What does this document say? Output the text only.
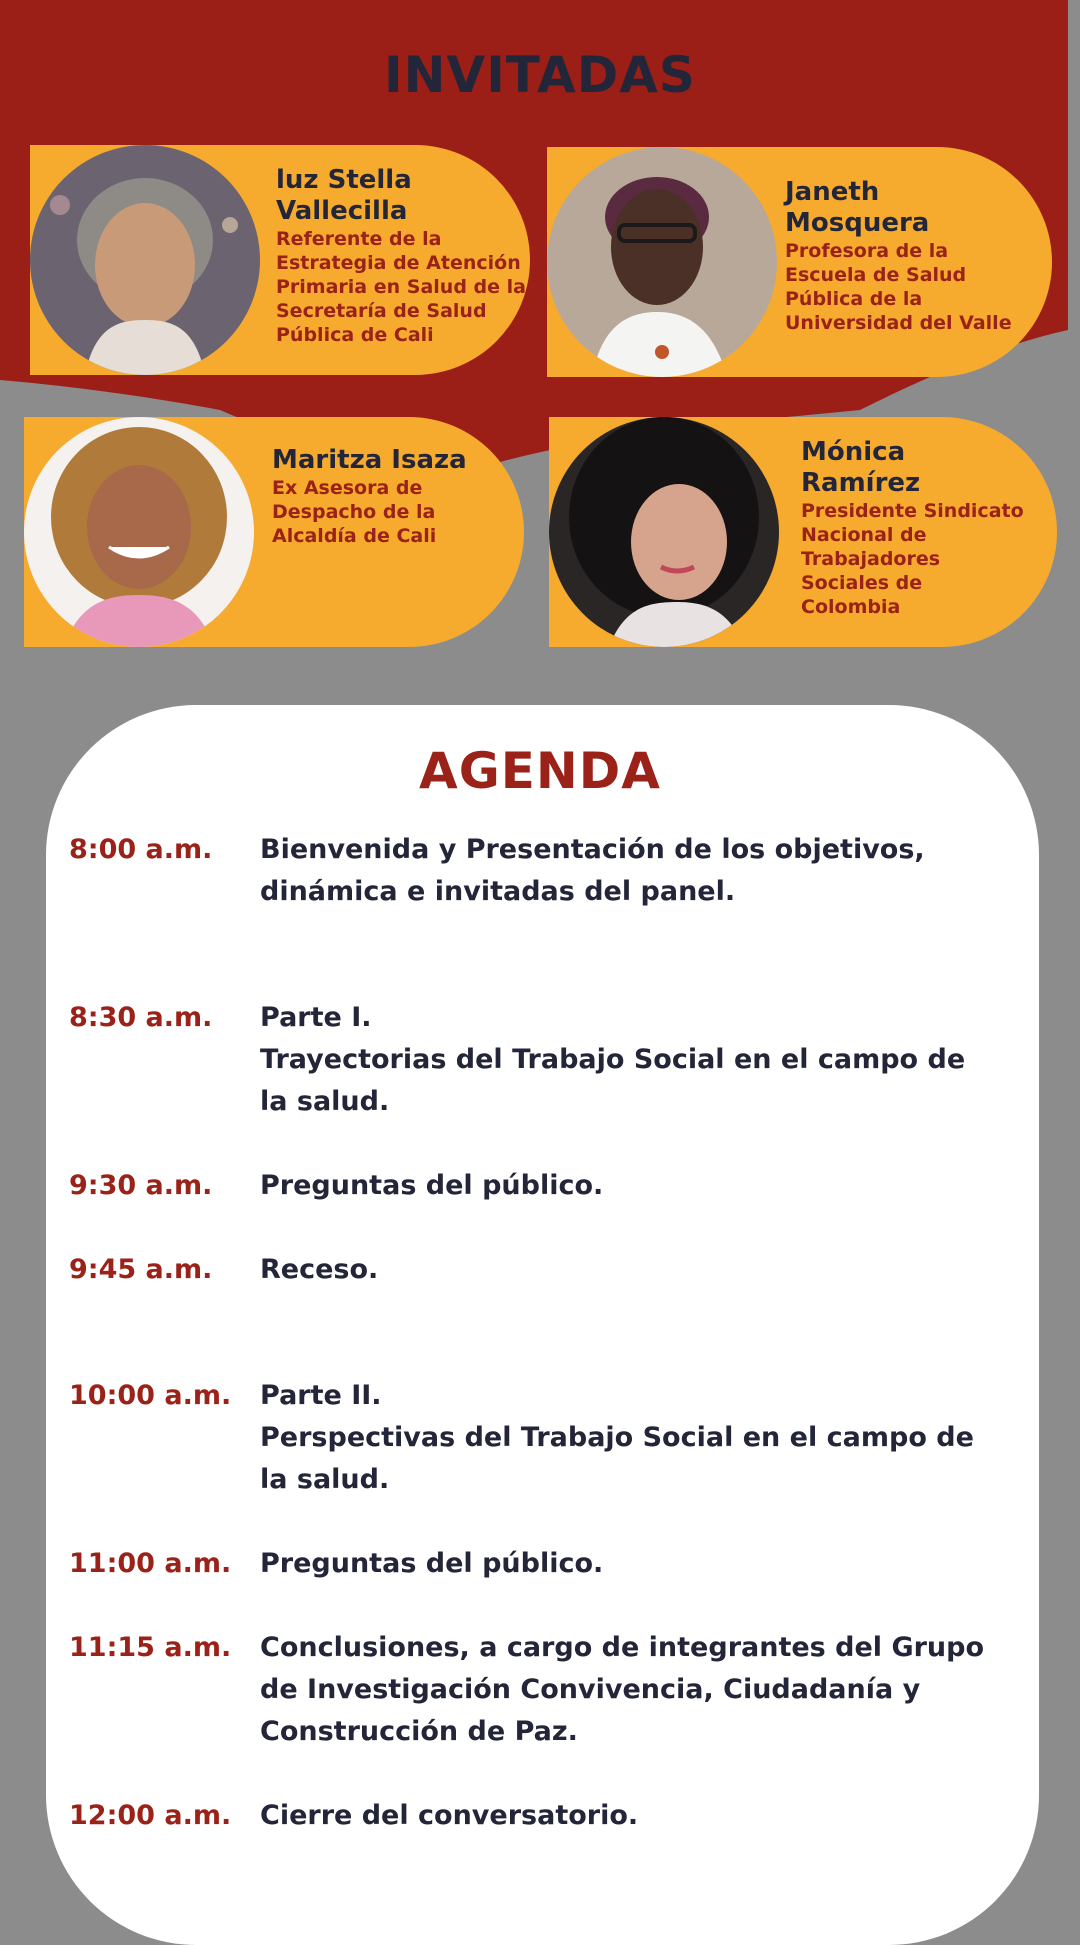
INVITADAS

luz Stella
Vallecilla

Referente de la
Estrategia de Atención
Primaria en Salud de la
Secretaría de Salud
Pública de Cali

Janeth
Mosquera

Profesora de la
Escuela de Salud
Pública de la
Universidad del Valle

Maritza Isaza

Ex Asesora de
Despacho de la
Alcaldía de Cali

Mónica
Ramírez

Presidente Sindicato
Nacional de
Trabajadores
Sociales de
Colombia

AGENDA
8:00 a.m.	Bienvenida y Presentación de los objetivos,
dinámica e invitadas del panel.
8:30 a.m.	Parte I.
Trayectorias del Trabajo Social en el campo de
la salud.
9:30 a.m.	Preguntas del público.
9:45 a.m.	Receso.
10:00 a.m.	Parte II.
Perspectivas del Trabajo Social en el campo de
la salud.
11:00 a.m.	Preguntas del público.
11:15 a.m.	Conclusiones, a cargo de integrantes del Grupo
de Investigación Convivencia, Ciudadanía y
Construcción de Paz.
12:00 a.m.	Cierre del conversatorio.
